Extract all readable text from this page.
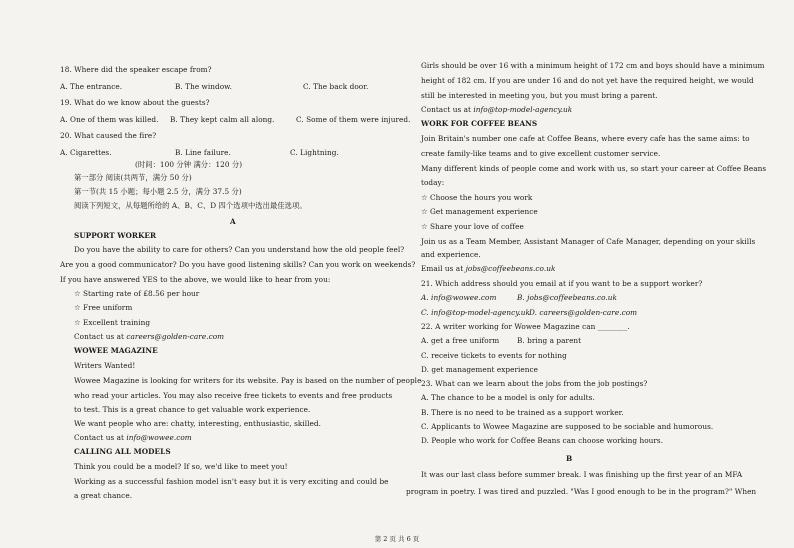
18. Where did the speaker escape from?
A. The entrance.	B. The window.	C. The back door.
19. What do we know about the guests?
A. One of them was killed. B. They kept calm all along.	C. Some of them were injured.
20. What caused the fire?
A. Cigarettes.	B. Line failure.	C. Lightning.
(时间：100 分钟 满分：120 分)
第一部分 阅读(共两节，满分 50 分)
第一节(共 15 小题；每小题 2.5 分，满分 37.5 分)
阅读下列短文，从每题所给的 A、B、C、D 四个选项中选出最佳选项。
A
SUPPORT WORKER
Do you have the ability to care for others? Can you understand how the old people feel?
Are you a good communicator? Do you have good listening skills? Can you work on weekends?
If you have answered YES to the above, we would like to hear from you:
☆ Starting rate of £8.56 per hour
☆ Free uniform
☆ Excellent training
Contact us at careers@golden-care.com
WOWEE MAGAZINE
Writers Wanted!
Wowee Magazine is looking for writers for its website. Pay is based on the number of people
who read your articles. You may also receive free tickets to events and free products
to test. This is a great chance to get valuable work experience.
We want people who are: chatty, interesting, enthusiastic, skilled.
Contact us at info@wowee.com
CALLING ALL MODELS
Think you could be a model? If so, we'd like to meet you!
Working as a successful fashion model isn't easy but it is very exciting and could be
a great chance.
Girls should be over 16 with a minimum height of 172 cm and boys should have a minimum
height of 182 cm. If you are under 16 and do not yet have the required height, we would
still be interested in meeting you, but you must bring a parent.
Contact us at info@top-model-agency.uk
WORK FOR COFFEE BEANS
Join Britain's number one cafe at Coffee Beans, where every cafe has the same aims: to
create family-like teams and to give excellent customer service.
Many different kinds of people come and work with us, so start your career at Coffee Beans
today:
☆ Choose the hours you work
☆ Get management experience
☆ Share your love of coffee
Join us as a Team Member, Assistant Manager of Cafe Manager, depending on your skills
and experience.
Email us at jobs@coffeebeans.co.uk
21. Which address should you email at if you want to be a support worker?
A. info@wowee.com	B. jobs@coffeebeans.co.uk
C. info@top-model-agency.uk
D. careers@golden-care.com
22. A writer working for Wowee Magazine can ________.
A. get a free uniform B. bring a parent
C. receive tickets to events for nothing
D. get management experience
23. What can we learn about the jobs from the job postings?
A. The chance to be a model is only for adults.
B. There is no need to be trained as a support worker.
C. Applicants to Wowee Magazine are supposed to be sociable and humorous.
D. People who work for Coffee Beans can choose working hours.
B
It was our last class before summer break. I was finishing up the first year of an MFA
program in poetry. I was tired and puzzled. "Was I good enough to be in the program?" When
第 2 页 共 6 页
